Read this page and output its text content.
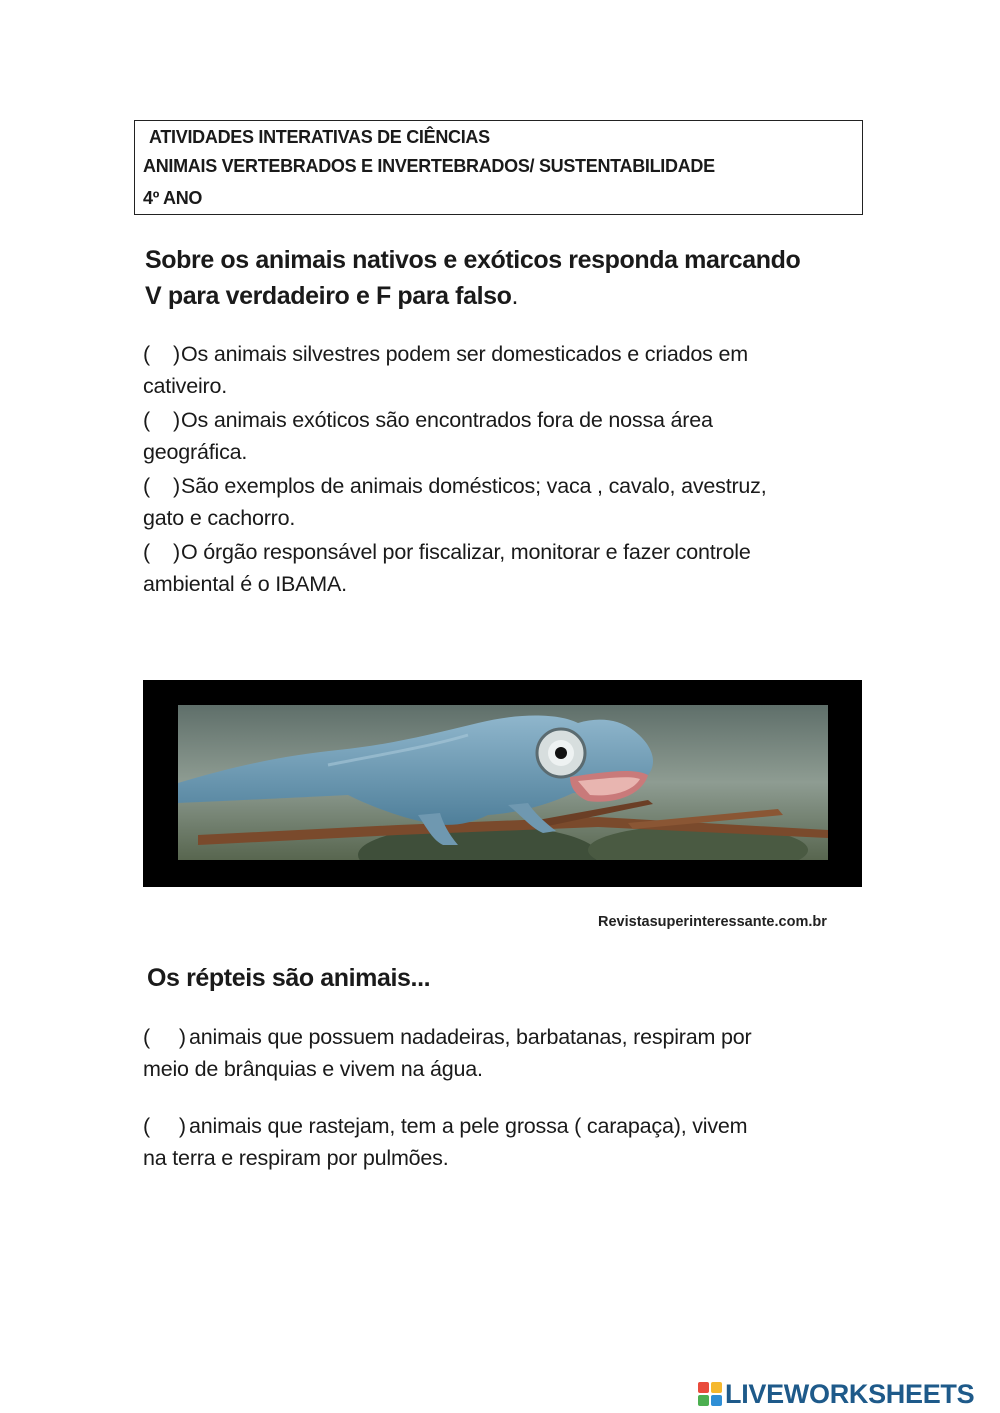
ATIVIDADES INTERATIVAS DE CIÊNCIAS
ANIMAIS VERTEBRADOS E INVERTEBRADOS/ SUSTENTABILIDADE
4º ANO
Sobre os animais nativos e exóticos responda marcando
V para verdadeiro e F para falso.
(    )Os animais silvestres podem ser domesticados e criados em
cativeiro.
(    )Os animais exóticos são encontrados fora de nossa área
geográfica.
(    )São exemplos de animais domésticos; vaca , cavalo, avestruz,
gato e cachorro.
(    )O órgão responsável por fiscalizar, monitorar e fazer controle
ambiental é o IBAMA.
Revistasuperinteressante.com.br
Os répteis são animais...
(     ) animais que possuem nadadeiras, barbatanas, respiram por
meio de brânquias e vivem na água.
(     ) animais que rastejam, tem a pele grossa ( carapaça), vivem
na terra e respiram por pulmões.
LIVEWORKSHEETS
